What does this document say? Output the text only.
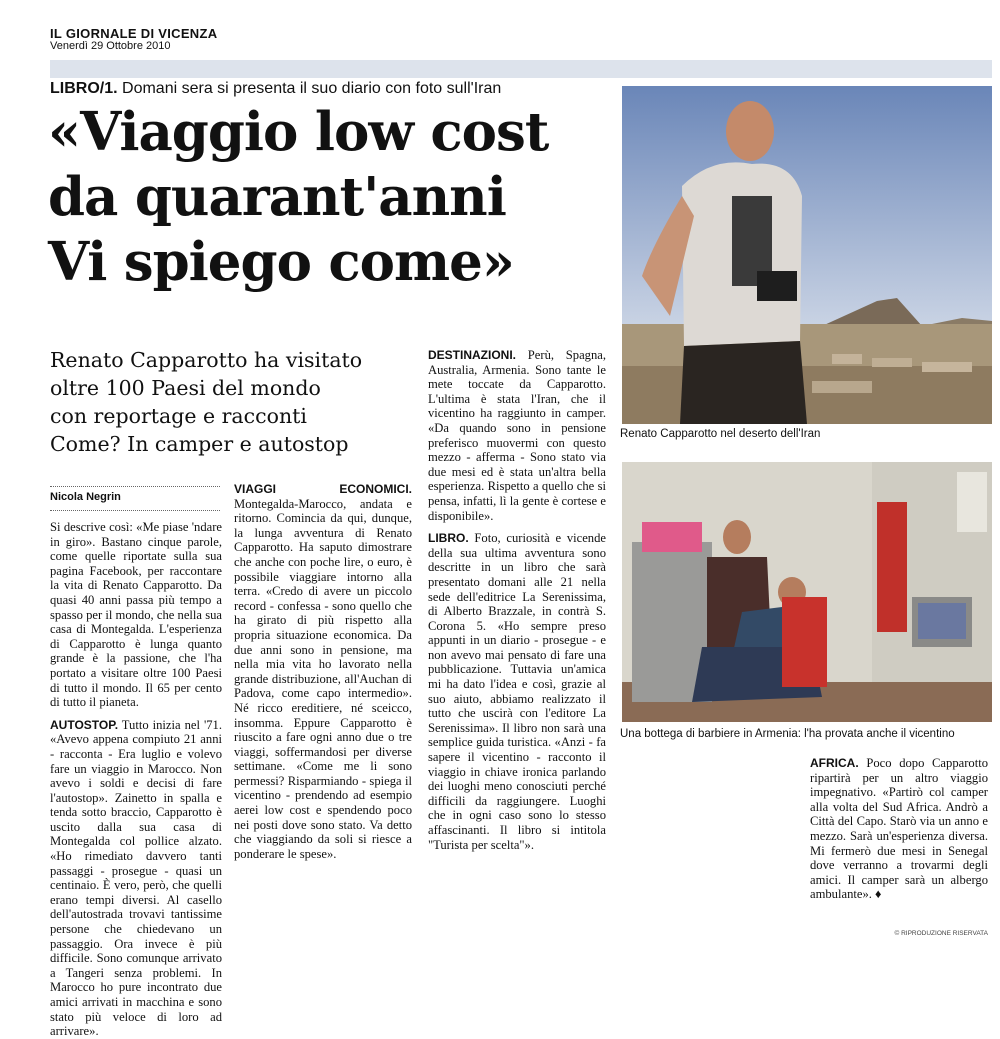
IL GIORNALE DI VICENZA
Venerdì 29 Ottobre 2010
LIBRO/1. Domani sera si presenta il suo diario con foto sull'Iran
«Viaggio low cost
da quarant'anni
Vi spiego come»
Renato Capparotto ha visitato
oltre 100 Paesi del mondo
con reportage e racconti
Come? In camper e autostop
Nicola Negrin

Si descrive così: «Me piase 'ndare in giro». Bastano cinque parole, come quelle riportate sulla sua pagina Facebook, per raccontare la vita di Renato Capparotto. Da quasi 40 anni passa più tempo a spasso per il mondo, che nella sua casa di Montegalda. L'esperienza di Capparotto è lunga quanto grande è la passione, che l'ha portato a visitare oltre 100 Paesi di tutto il mondo. Il 65 per cento di tutto il pianeta.

AUTOSTOP. Tutto inizia nel '71. «Avevo appena compiuto 21 anni - racconta - Era luglio e volevo fare un viaggio in Marocco. Non avevo i soldi e decisi di fare l'autostop». Zainetto in spalla e tenda sotto braccio, Capparotto è uscito dalla sua casa di Montegalda col pollice alzato. «Ho rimediato davvero tanti passaggi - prosegue - quasi un centinaio. È vero, però, che quelli erano tempi diversi. Al casello dell'autostrada trovavi tantissime persone che chiedevano un passaggio. Ora invece è più difficile. Sono comunque arrivato a Tangeri senza problemi. In Marocco ho pure incontrato due amici arrivati in macchina e sono stato più veloce di loro ad arrivare».

VIAGGI ECONOMICI. Montegalda-Marocco, andata e ritorno. Comincia da qui, dunque, la lunga avventura di Renato Capparotto. Ha saputo dimostrare che anche con poche lire, o euro, è possibile viaggiare intorno alla terra. «Credo di avere un piccolo record - confessa - sono quello che ha girato di più rispetto alla propria situazione economica. Da due anni sono in pensione, ma nella mia vita ho lavorato nella grande distribuzione, all'Auchan di Padova, come capo intermedio». Né ricco ereditiere, né sceicco, insomma. Eppure Capparotto è riuscito a fare ogni anno due o tre viaggi, soffermandosi per diverse settimane. «Come me li sono permessi? Risparmiando - spiega il vicentino - prendendo ad esempio aerei low cost e spendendo poco nei posti dove sono stato. Va detto che viaggiando da soli si riesce a ponderare le spese».

DESTINAZIONI. Perù, Spagna, Australia, Armenia. Sono tante le mete toccate da Capparotto. L'ultima è stata l'Iran, che il vicentino ha raggiunto in camper. «Da quando sono in pensione preferisco muovermi con questo mezzo - afferma - Sono stato via due mesi ed è stata un'altra bella esperienza. Rispetto a quello che si pensa, infatti, lì la gente è cortese e disponibile».

LIBRO. Foto, curiosità e vicende della sua ultima avventura sono descritte in un libro che sarà presentato domani alle 21 nella sede dell'editrice La Serenissima, di Alberto Brazzale, in contrà S. Corona 5. «Ho sempre preso appunti in un diario - prosegue - e non avevo mai pensato di fare una pubblicazione. Tuttavia un'amica mi ha dato l'idea e così, grazie al suo aiuto, abbiamo realizzato il tutto che uscirà con l'editore La Serenissima». Il libro non sarà una semplice guida turistica. «Anzi - fa sapere il vicentino - racconto il viaggio in chiave ironica parlando dei luoghi meno conosciuti perché difficili da raggiungere. Luoghi che in ogni caso sono lo stesso affascinanti. Il libro si intitola "Turista per scelta"».

AFRICA. Poco dopo Capparotto ripartirà per un altro viaggio impegnativo. «Partirò col camper alla volta del Sud Africa. Andrò a Città del Capo. Starò via un anno e mezzo. Sarà un'esperienza diversa. Mi fermerò due mesi in Senegal dove verranno a trovarmi degli amici. Il camper sarà un albergo ambulante». ♦

Renato Capparotto nel deserto dell'Iran
Una bottega di barbiere in Armenia: l'ha provata anche il vicentino
© RIPRODUZIONE RISERVATA
